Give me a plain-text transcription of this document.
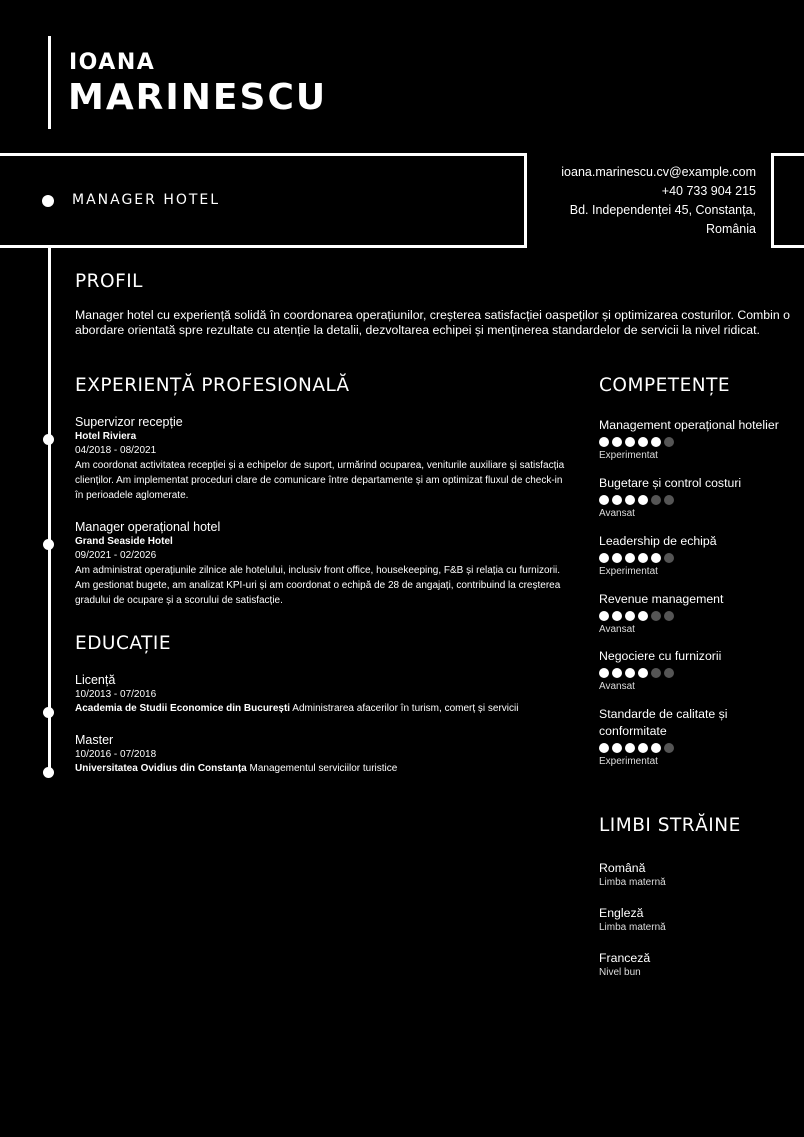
IOANA
MARINESCU
MANAGER HOTEL
ioana.marinescu.cv@example.com
+40 733 904 215
Bd. Independenței 45, Constanța,
România
PROFIL
Manager hotel cu experiență solidă în coordonarea operațiunilor, creșterea satisfacției oaspeților și optimizarea costurilor. Combin o abordare orientată spre rezultate cu atenție la detalii, dezvoltarea echipei și menținerea standardelor de servicii la nivel ridicat.
EXPERIENȚĂ PROFESIONALĂ
Supervizor recepție
Hotel Riviera
04/2018 - 08/2021
Am coordonat activitatea recepției și a echipelor de suport, urmărind ocuparea, veniturile auxiliare și satisfacția clienților. Am implementat proceduri clare de comunicare între departamente și am optimizat fluxul de check-in în perioadele aglomerate.
Manager operațional hotel
Grand Seaside Hotel
09/2021 - 02/2026
Am administrat operațiunile zilnice ale hotelului, inclusiv front office, housekeeping, F&B și relația cu furnizorii. Am gestionat bugete, am analizat KPI-uri și am coordonat o echipă de 28 de angajați, contribuind la creșterea gradului de ocupare și a scorului de satisfacție.
EDUCAȚIE
Licență
10/2013 - 07/2016
Academia de Studii Economice din București Administrarea afacerilor în turism, comerț și servicii
Master
10/2016 - 07/2018
Universitatea Ovidius din Constanța Managementul serviciilor turistice
COMPETENȚE
Management operațional hotelier
Experimentat
Bugetare și control costuri
Avansat
Leadership de echipă
Experimentat
Revenue management
Avansat
Negociere cu furnizorii
Avansat
Standarde de calitate și conformitate
Experimentat
LIMBI STRĂINE
Română
Limba maternă
Engleză
Limba maternă
Franceză
Nivel bun
